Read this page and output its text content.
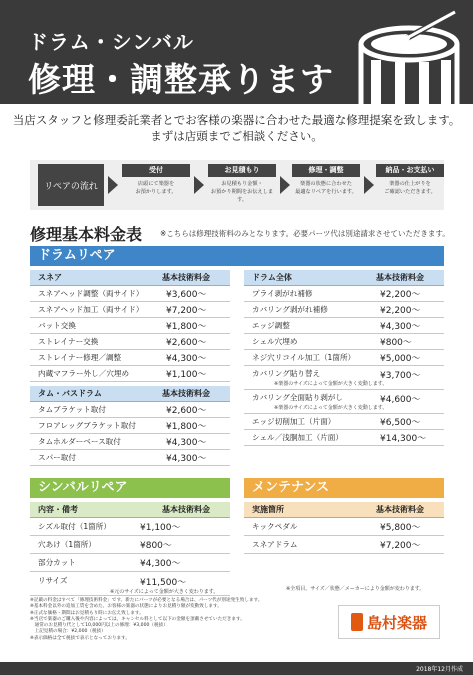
ドラム・シンバル
修理・調整承ります
当店スタッフと修理委託業者とでお客様の楽器に合わせた最適な修理提案を致します。
まずは店頭までご相談ください。
リペアの流れ
受付
店頭にて楽器を
お預かりします。
お見積もり
お見積もり金額・
お預かり期間をお伝えします。
修理・調整
楽器の状態に合わせた
最適なリペアを行います。
納品・お支払い
楽器の仕上がりを
ご確認いただきます。
修理基本料金表 ※こちらは修理技術料のみとなります。必要パーツ代は別途請求させていただきます。
ドラムリペア
スネア	基本技術料金
スネアヘッド調整（両サイド）	¥3,600～
スネアヘッド加工（両サイド）	¥7,200～
バット交換	¥1,800～
ストレイナー交換	¥2,600～
ストレイナー修理／調整	¥4,300～
内蔵マフラー外し／穴埋め	¥1,100～
タム・バスドラム	基本技術料金
タムブラケット取付	¥2,600～
フロアレッグブラケット取付	¥1,800～
タムホルダーベース取付	¥4,300～
スパー取付	¥4,300～
ドラム全体	基本技術料金
プライ剥がれ補修	¥2,200～
カバリング剥がれ補修	¥2,200～
エッジ調整	¥4,300～
シェル穴埋め	¥800～
ネジ穴リコイル加工（1箇所）	¥5,000～
カバリング貼り替え	¥3,700～
※楽器のサイズによって金額が大きく変動します。
カバリング全面貼り剥がし	¥4,600～
※楽器のサイズによって金額が大きく変動します。
エッジ切削加工（片面）	¥6,500～
シェル／浅胴加工（片面）	¥14,300～
シンバルリペア
内容・備考	基本技術料金
シズル取付（1箇所）	¥1,100～
穴あけ（1箇所）	¥800～
部分カット	¥4,300～
リサイズ	¥11,500～
※元のサイズによって金額が大きく変わります。
メンテナンス
実施箇所	基本技術料金
キックペダル	¥5,800～
スネアドラム	¥7,200～
※全項目、サイズ／状態／メーカーにより金額が変わります。
※記載の料金はすべて「修理技術料金」です。新たにパーツが必要となる場合は、パーツ代が別途発生致します。
※基本料金以外の追加工賃を含めた、お客様の楽器の状態によりお見積り額が変動致します。
※正式な価格・期間はお見積もり時にお伝え致します。
※当店で楽器のご購入後や内容によっては、キャンセル料として以下の金額を頂戴させていただきます。
　通常のお見積り代として10,000円以上の修理：¥3,000（税抜）
　上記見積の場合：¥2,000（税抜）
※表示価格は全て税抜で表示となっております。
島村楽器
2018年12月作成
